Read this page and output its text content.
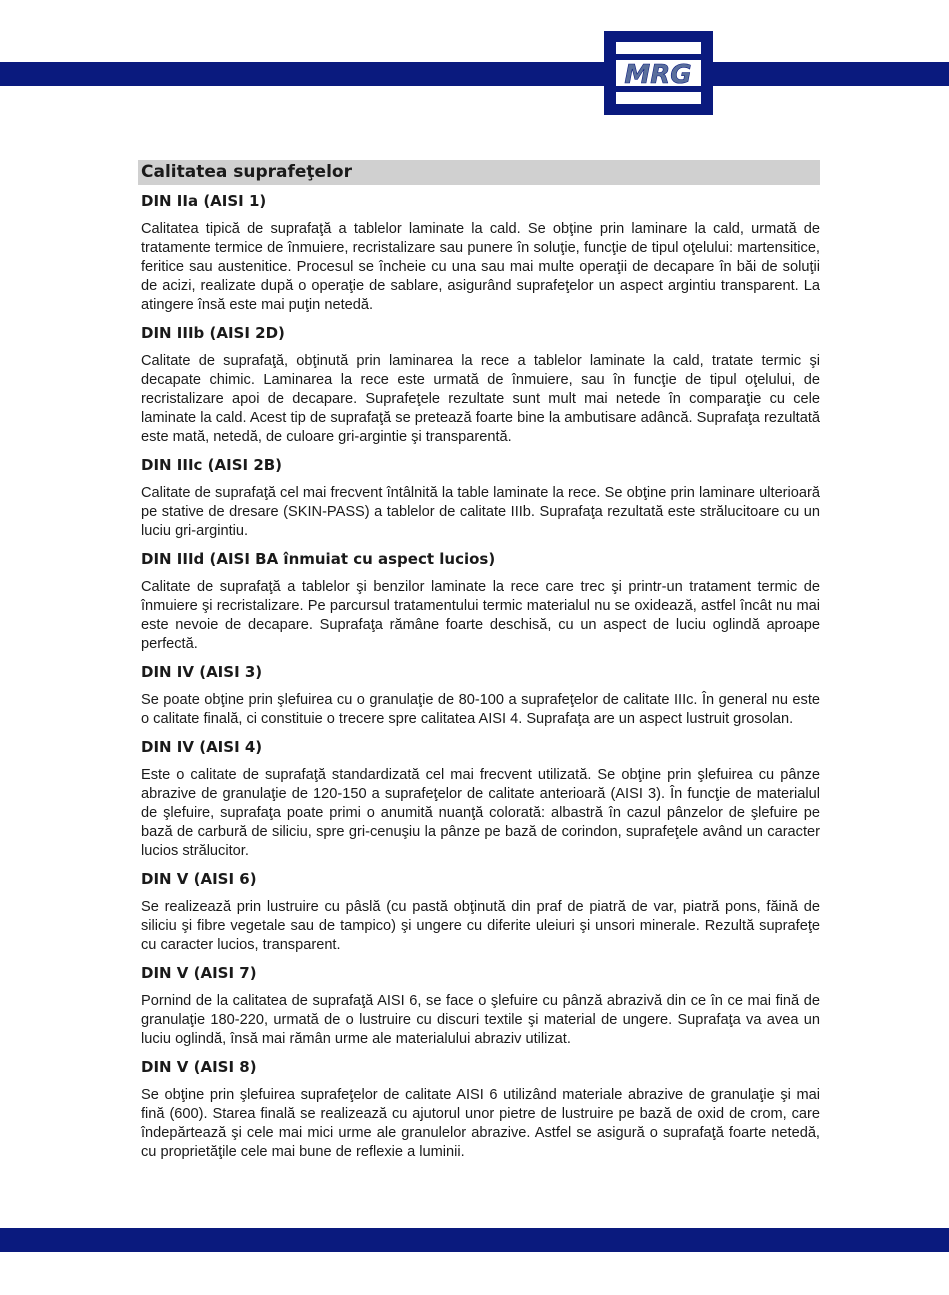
MRG
Calitatea suprafeţelor
DIN IIa (AISI 1)
Calitatea tipică de suprafaţă a tablelor laminate la cald. Se obţine prin laminare la cald, urmată de tratamente termice de înmuiere, recristalizare sau punere în soluţie, funcţie de tipul oţelului: martensitice, feritice sau austenitice. Procesul se încheie cu una sau mai multe operaţii de decapare în băi de soluţii de acizi, realizate după o operaţie de sablare, asigurând suprafeţelor un aspect argintiu transparent. La atingere însă este mai puţin netedă.
DIN IIIb (AISI 2D)
Calitate de suprafaţă, obţinută prin laminarea la rece a tablelor laminate la cald, tratate termic şi decapate chimic. Laminarea la rece este urmată de înmuiere, sau în funcţie de tipul oţelului, de recristalizare apoi de decapare. Suprafeţele rezultate sunt mult mai netede în comparaţie cu cele laminate la cald. Acest tip de suprafaţă se pretează foarte bine la ambutisare adâncă. Suprafaţa rezultată este mată, netedă, de culoare gri-argintie şi transparentă.
DIN IIIc (AISI 2B)
Calitate de suprafaţă cel mai frecvent întâlnită la table laminate la rece. Se obţine prin laminare ulterioară pe stative de dresare (SKIN-PASS) a tablelor de calitate IIIb. Suprafaţa rezultată este strălucitoare cu un luciu gri-argintiu.
DIN IIId (AISI BA înmuiat cu aspect lucios)
Calitate de suprafaţă a tablelor şi benzilor laminate la rece care trec şi printr-un tratament termic de înmuiere şi recristalizare. Pe parcursul tratamentului termic materialul nu se oxidează, astfel încât nu mai este nevoie de decapare. Suprafaţa rămâne foarte deschisă, cu un aspect de luciu oglindă aproape perfectă.
DIN IV (AISI 3)
Se poate obţine prin şlefuirea cu o granulaţie de 80-100 a suprafeţelor de calitate IIIc. În general nu este o calitate finală, ci constituie o trecere spre calitatea AISI 4. Suprafaţa are un aspect lustruit grosolan.
DIN IV (AISI 4)
Este o calitate de suprafaţă standardizată cel mai frecvent utilizată. Se obţine prin şlefuirea cu pânze abrazive de granulaţie de 120-150 a suprafeţelor de calitate anterioară (AISI 3). În funcţie de materialul de şlefuire, suprafaţa poate primi o anumită nuanţă colorată: albastră în cazul pânzelor de şlefuire pe bază de carbură de siliciu, spre gri-cenuşiu la pânze pe bază de corindon, suprafeţele având un caracter lucios strălucitor.
DIN V (AISI 6)
Se realizează prin lustruire cu pâslă (cu pastă obţinută din praf de piatră de var, piatră pons, făină de siliciu şi fibre vegetale sau de tampico) şi ungere cu diferite uleiuri şi unsori minerale. Rezultă suprafeţe cu caracter lucios, transparent.
DIN V (AISI 7)
Pornind de la calitatea de suprafaţă AISI 6, se face o şlefuire cu pânză abrazivă din ce în ce mai fină de granulaţie 180-220, urmată de o lustruire cu discuri textile şi material de ungere. Suprafaţa va avea un luciu oglindă, însă mai rămân urme ale materialului abraziv utilizat.
DIN V (AISI 8)
Se obţine prin şlefuirea suprafeţelor de calitate AISI 6 utilizând materiale abrazive de granulaţie şi mai fină (600). Starea finală se realizează cu ajutorul unor pietre de lustruire pe bază de oxid de crom, care îndepărtează şi cele mai mici urme ale granulelor abrazive. Astfel se asigură o suprafaţă foarte netedă, cu proprietăţile cele mai bune de reflexie a luminii.
